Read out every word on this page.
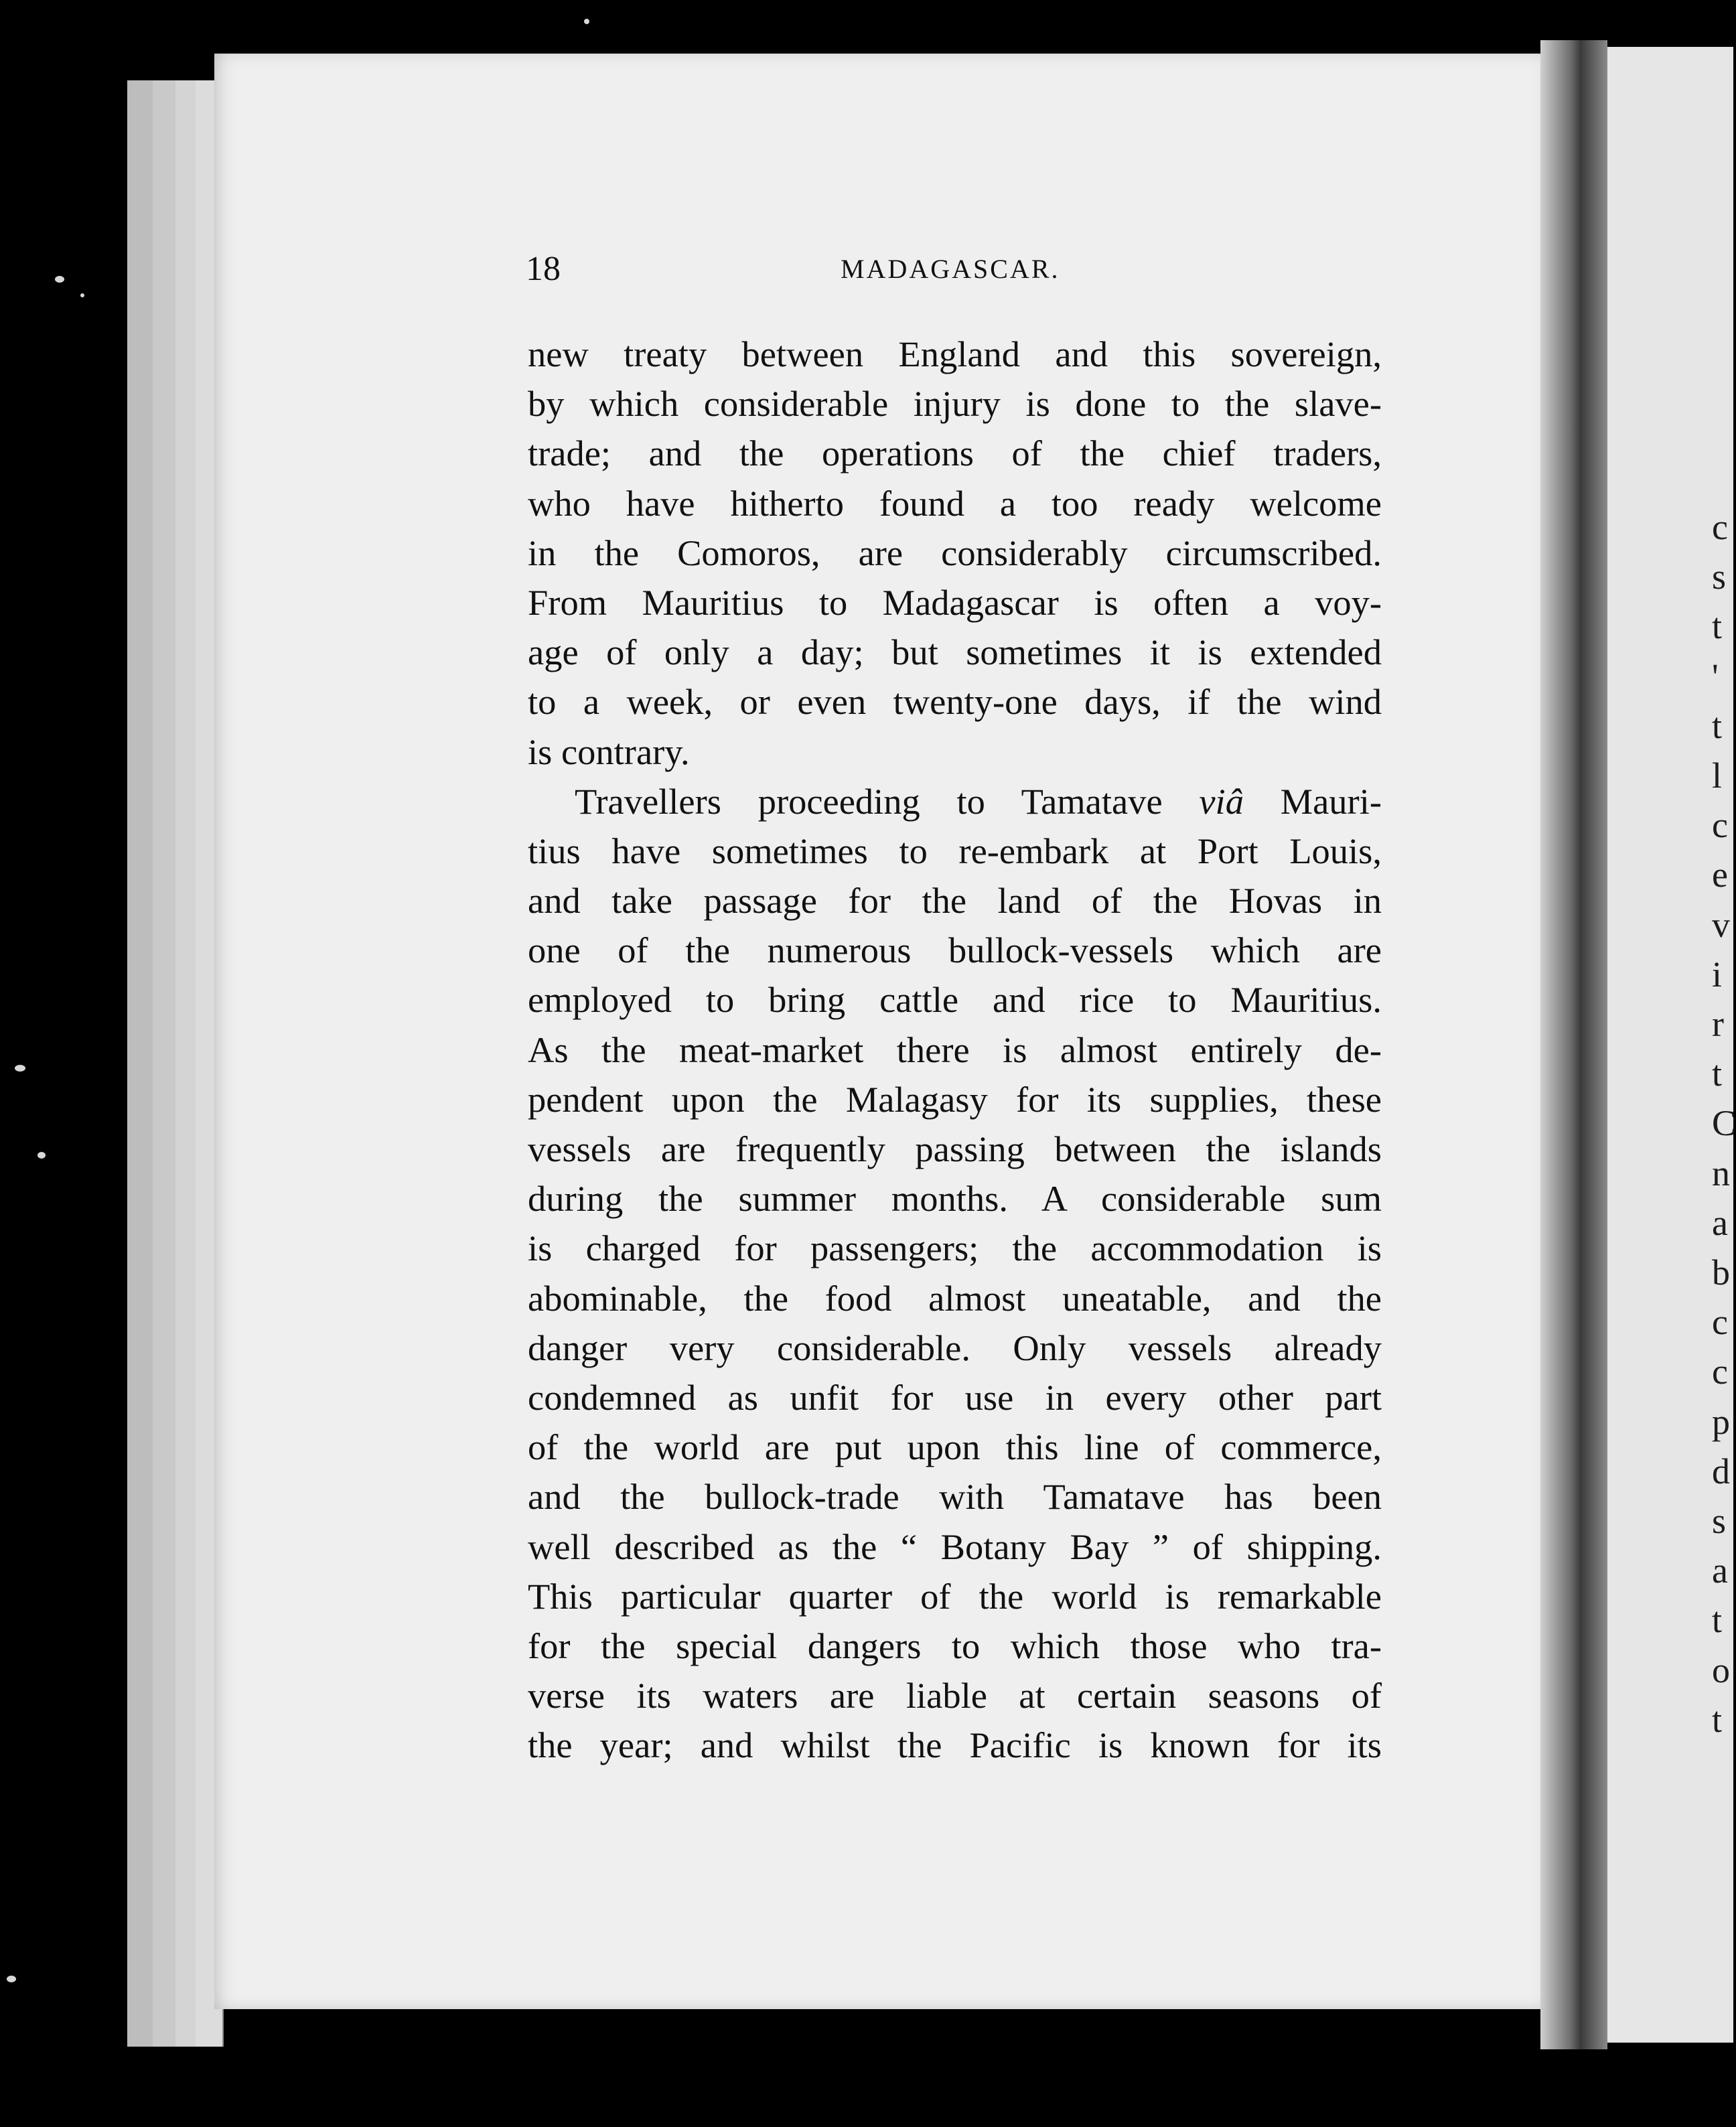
c
s
t
'
t
l
c
e
v
i
r
t
C
n
a
b
c
c
p
d
s
a
t
o
t
18	MADAGASCAR.
new treaty between England and this sovereign,
by which considerable injury is done to the slave-
trade; and the operations of the chief traders,
who have hitherto found a too ready welcome
in the Comoros, are considerably circumscribed.
From Mauritius to Madagascar is often a voy-
age of only a day; but sometimes it is extended
to a week, or even twenty-one days, if the wind
is contrary.
Travellers proceeding to Tamatave viâ Mauri-
tius have sometimes to re-embark at Port Louis,
and take passage for the land of the Hovas in
one of the numerous bullock-vessels which are
employed to bring cattle and rice to Mauritius.
As the meat-market there is almost entirely de-
pendent upon the Malagasy for its supplies, these
vessels are frequently passing between the islands
during the summer months. A considerable sum
is charged for passengers; the accommodation is
abominable, the food almost uneatable, and the
danger very considerable. Only vessels already
condemned as unfit for use in every other part
of the world are put upon this line of commerce,
and the bullock-trade with Tamatave has been
well described as the “ Botany Bay ” of shipping.
This particular quarter of the world is remarkable
for the special dangers to which those who tra-
verse its waters are liable at certain seasons of
the year; and whilst the Pacific is known for its
